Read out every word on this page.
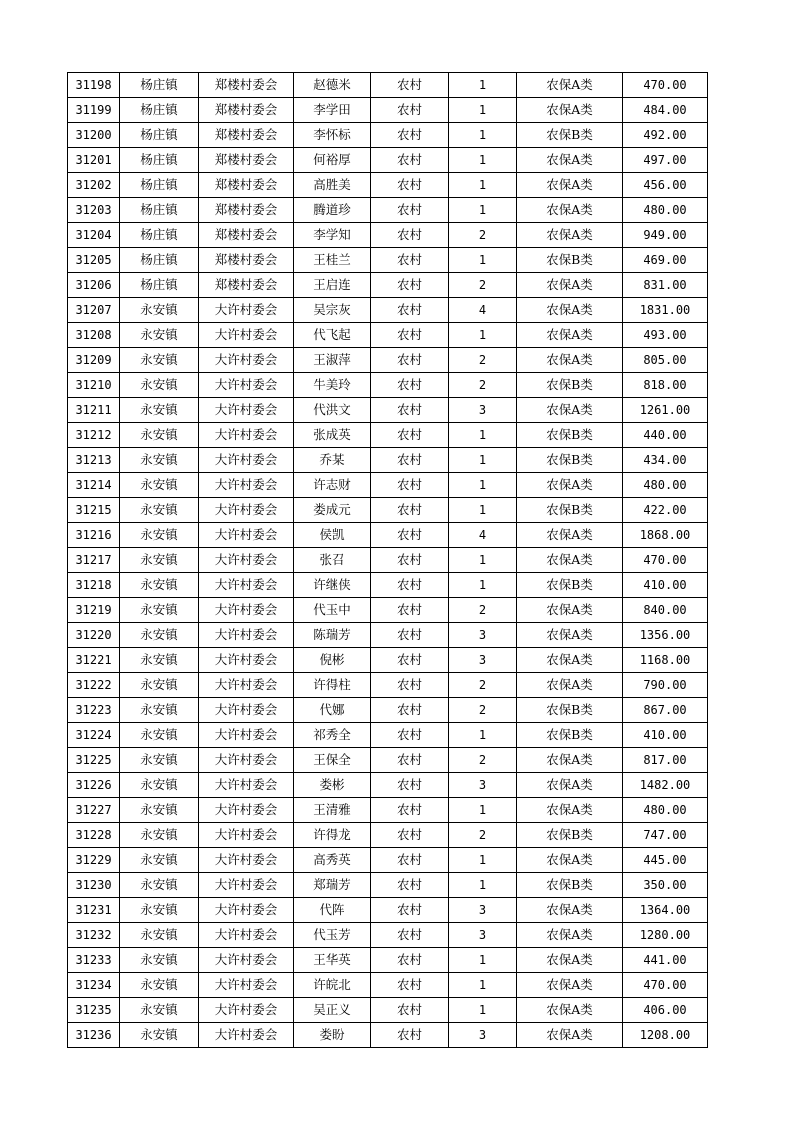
31198	杨庄镇	郑楼村委会	赵德米	农村	1	农保A类	470.00
31199	杨庄镇	郑楼村委会	李学田	农村	1	农保A类	484.00
31200	杨庄镇	郑楼村委会	李怀标	农村	1	农保B类	492.00
31201	杨庄镇	郑楼村委会	何裕厚	农村	1	农保A类	497.00
31202	杨庄镇	郑楼村委会	高胜美	农村	1	农保A类	456.00
31203	杨庄镇	郑楼村委会	腾道珍	农村	1	农保A类	480.00
31204	杨庄镇	郑楼村委会	李学知	农村	2	农保A类	949.00
31205	杨庄镇	郑楼村委会	王桂兰	农村	1	农保B类	469.00
31206	杨庄镇	郑楼村委会	王启连	农村	2	农保A类	831.00
31207	永安镇	大许村委会	吴宗灰	农村	4	农保A类	1831.00
31208	永安镇	大许村委会	代飞起	农村	1	农保A类	493.00
31209	永安镇	大许村委会	王淑萍	农村	2	农保A类	805.00
31210	永安镇	大许村委会	牛美玲	农村	2	农保B类	818.00
31211	永安镇	大许村委会	代洪文	农村	3	农保A类	1261.00
31212	永安镇	大许村委会	张成英	农村	1	农保B类	440.00
31213	永安镇	大许村委会	乔某	农村	1	农保B类	434.00
31214	永安镇	大许村委会	许志财	农村	1	农保A类	480.00
31215	永安镇	大许村委会	娄成元	农村	1	农保B类	422.00
31216	永安镇	大许村委会	侯凯	农村	4	农保A类	1868.00
31217	永安镇	大许村委会	张召	农村	1	农保A类	470.00
31218	永安镇	大许村委会	许继侠	农村	1	农保B类	410.00
31219	永安镇	大许村委会	代玉中	农村	2	农保A类	840.00
31220	永安镇	大许村委会	陈瑞芳	农村	3	农保A类	1356.00
31221	永安镇	大许村委会	倪彬	农村	3	农保A类	1168.00
31222	永安镇	大许村委会	许得柱	农村	2	农保A类	790.00
31223	永安镇	大许村委会	代娜	农村	2	农保B类	867.00
31224	永安镇	大许村委会	祁秀全	农村	1	农保B类	410.00
31225	永安镇	大许村委会	王保全	农村	2	农保A类	817.00
31226	永安镇	大许村委会	娄彬	农村	3	农保A类	1482.00
31227	永安镇	大许村委会	王清雅	农村	1	农保A类	480.00
31228	永安镇	大许村委会	许得龙	农村	2	农保B类	747.00
31229	永安镇	大许村委会	高秀英	农村	1	农保A类	445.00
31230	永安镇	大许村委会	郑瑞芳	农村	1	农保B类	350.00
31231	永安镇	大许村委会	代阵	农村	3	农保A类	1364.00
31232	永安镇	大许村委会	代玉芳	农村	3	农保A类	1280.00
31233	永安镇	大许村委会	王华英	农村	1	农保A类	441.00
31234	永安镇	大许村委会	许皖北	农村	1	农保A类	470.00
31235	永安镇	大许村委会	吴正义	农村	1	农保A类	406.00
31236	永安镇	大许村委会	娄盼	农村	3	农保A类	1208.00
